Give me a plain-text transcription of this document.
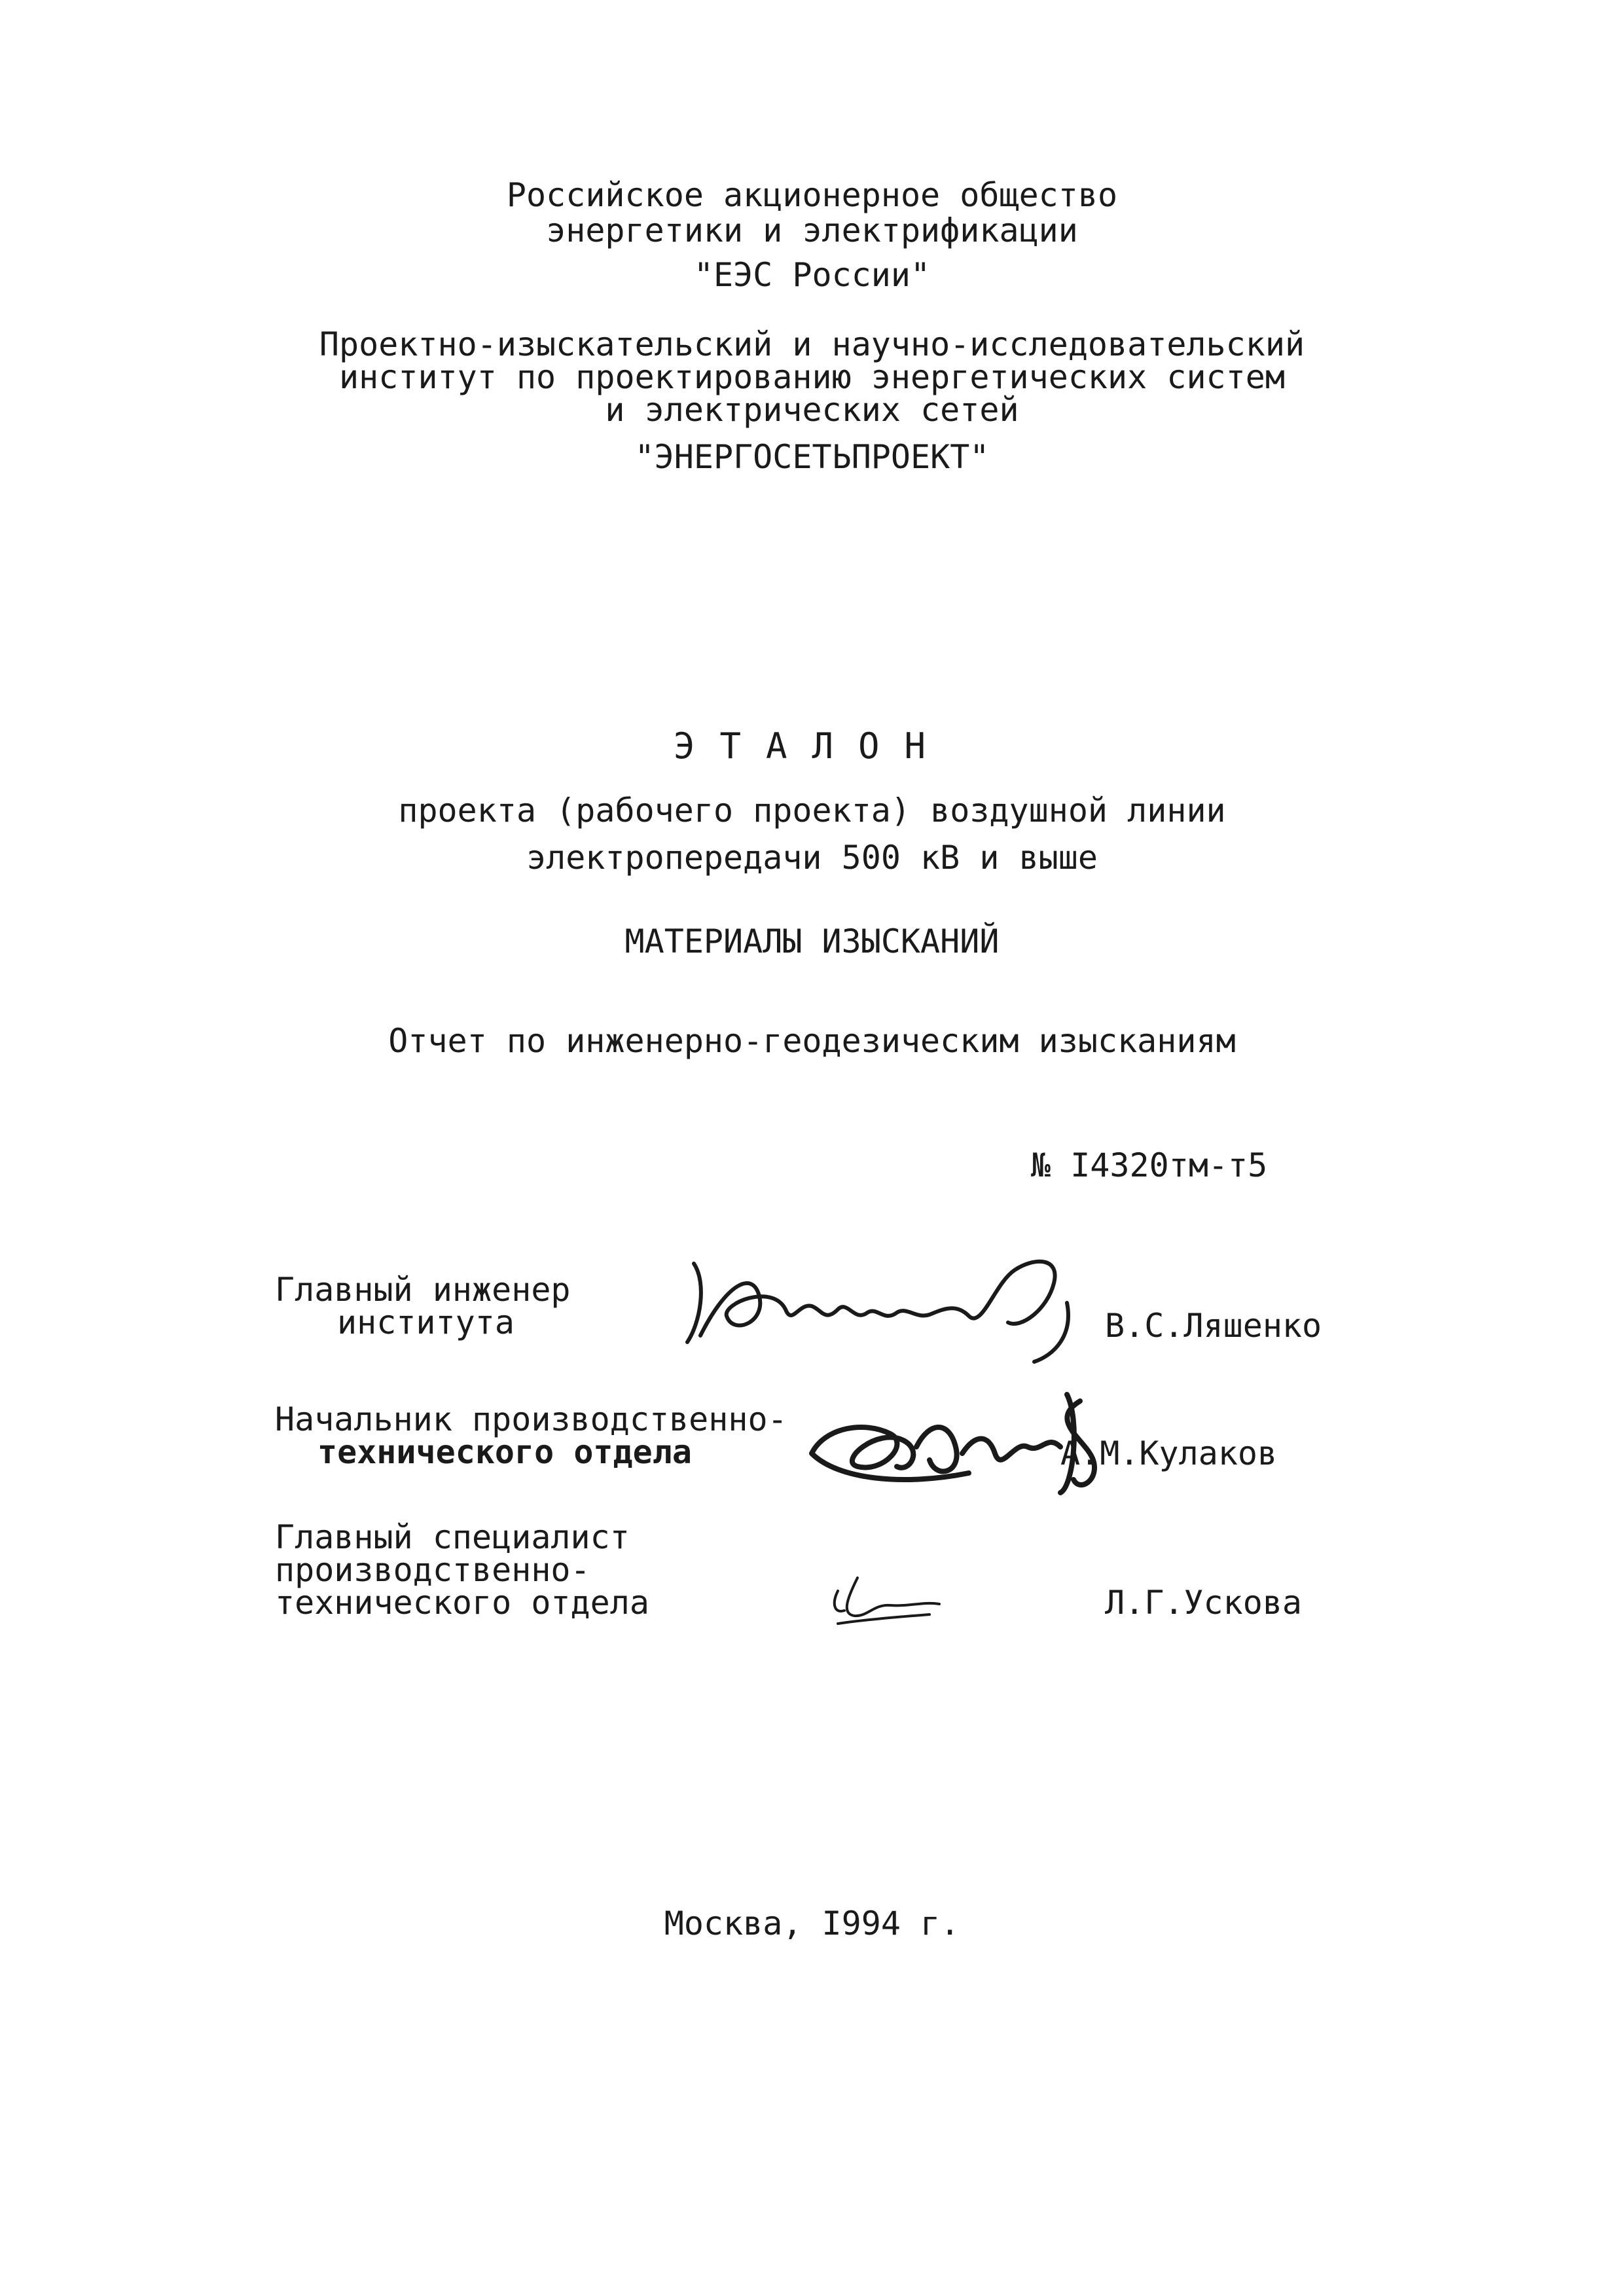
Российское акционерное общество
энергетики и электрификации
"ЕЭС России"
Проектно-изыскательский и научно-исследовательский
институт по проектированию энергетических систем
и электрических сетей
"ЭНЕРГОСЕТЬПРОЕКТ"
ЭТАЛОН
проекта (рабочего проекта) воздушной линии
электропередачи 500 кВ и выше
МАТЕРИАЛЫ ИЗЫСКАНИЙ
Отчет по инженерно-геодезическим изысканиям
№ I4320тм-т5
Главный инженер
института	В.С.Ляшенко
Начальник производственно-
технического отдела	А.М.Кулаков
Главный специалист
производственно-
технического отдела	Л.Г.Ускова
Москва, I994 г.
